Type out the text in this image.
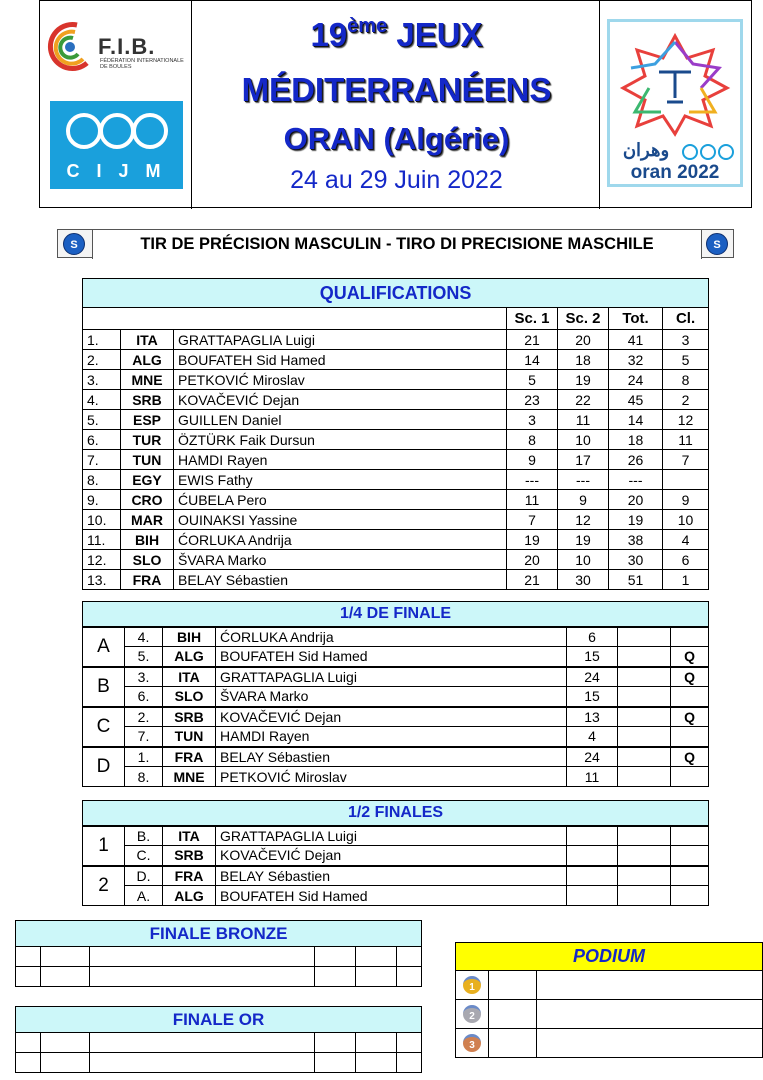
F.I.B.
FÉDÉRATION INTERNATIONALE DE BOULES
C I J M
19ème JEUX
MÉDITERRANÉENS
ORAN (Algérie)
24 au 29 Juin 2022
وهران
oran 2022
S	TIR DE PRÉCISION MASCULIN - TIRO DI PRECISIONE MASCHILE	S
QUALIFICATIONS						
			Sc. 1	Sc. 2	Tot.	Cl.
1.	ITA	GRATTAPAGLIA Luigi	21	20	41	3
2.	ALG	BOUFATEH Sid Hamed	14	18	32	5
3.	MNE	PETKOVIĆ Miroslav	5	19	24	8
4.	SRB	KOVAČEVIĆ Dejan	23	22	45	2
5.	ESP	GUILLEN Daniel	3	11	14	12
6.	TUR	ÖZTÜRK Faik Dursun	8	10	18	11
7.	TUN	HAMDI Rayen	9	17	26	7
8.	EGY	EWIS Fathy	---	---	---	
9.	CRO	ĆUBELA Pero	11	9	20	9
10.	MAR	OUINAKSI Yassine	7	12	19	10
11.	BIH	ĆORLUKA Andrija	19	19	38	4
12.	SLO	ŠVARA Marko	20	10	30	6
13.	FRA	BELAY Sébastien	21	30	51	1
1/4 DE FINALE						
A	4.	BIH	ĆORLUKA Andrija	6		
	5.	ALG	BOUFATEH Sid Hamed	15		Q
B	3.	ITA	GRATTAPAGLIA Luigi	24		Q
	6.	SLO	ŠVARA Marko	15		
C	2.	SRB	KOVAČEVIĆ Dejan	13		Q
	7.	TUN	HAMDI Rayen	4		
D	1.	FRA	BELAY Sébastien	24		Q
	8.	MNE	PETKOVIĆ Miroslav	11		
1/2 FINALES						
1	B.	ITA	GRATTAPAGLIA Luigi			
	C.	SRB	KOVAČEVIĆ Dejan			
2	D.	FRA	BELAY Sébastien			
	A.	ALG	BOUFATEH Sid Hamed			
FINALE BRONZE					

FINALE OR					

PODIUM		
1		
2		
3		
